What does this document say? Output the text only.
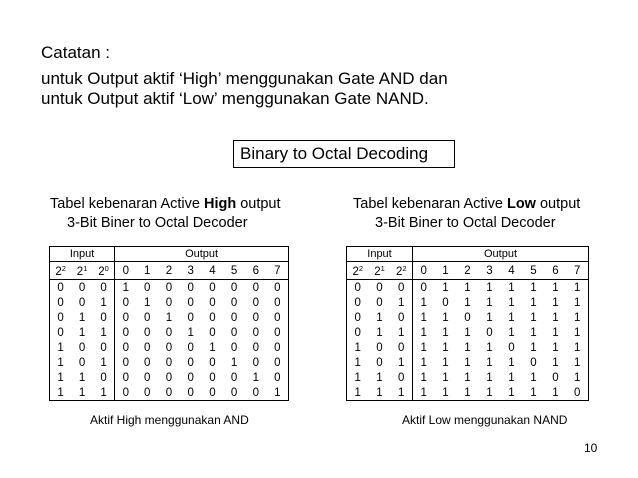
Catatan :
untuk Output aktif ‘High’ menggunakan Gate AND dan
untuk Output aktif ‘Low’ menggunakan Gate NAND.
Binary to Octal Decoding
Tabel kebenaran Active High output
3-Bit Biner to Octal Decoder
Tabel kebenaran Active Low output
3-Bit Biner to Octal Decoder
Input			Output							
$2^2$	$2^1$	$2^0$	0	1	2	3	4	5	6	7
0	0	0	1	0	0	0	0	0	0	0
0	0	1	0	1	0	0	0	0	0	0
0	1	0	0	0	1	0	0	0	0	0
0	1	1	0	0	0	1	0	0	0	0
1	0	0	0	0	0	0	1	0	0	0
1	0	1	0	0	0	0	0	1	0	0
1	1	0	0	0	0	0	0	0	1	0
1	1	1	0	0	0	0	0	0	0	1
Input			Output							
$2^2$	$2^1$	$2^2$	0	1	2	3	4	5	6	7
0	0	0	0	1	1	1	1	1	1	1
0	0	1	1	0	1	1	1	1	1	1
0	1	0	1	1	0	1	1	1	1	1
0	1	1	1	1	1	0	1	1	1	1
1	0	0	1	1	1	1	0	1	1	1
1	0	1	1	1	1	1	1	0	1	1
1	1	0	1	1	1	1	1	1	0	1
1	1	1	1	1	1	1	1	1	1	0
Aktif High menggunakan AND	Aktif Low menggunakan NAND
10
